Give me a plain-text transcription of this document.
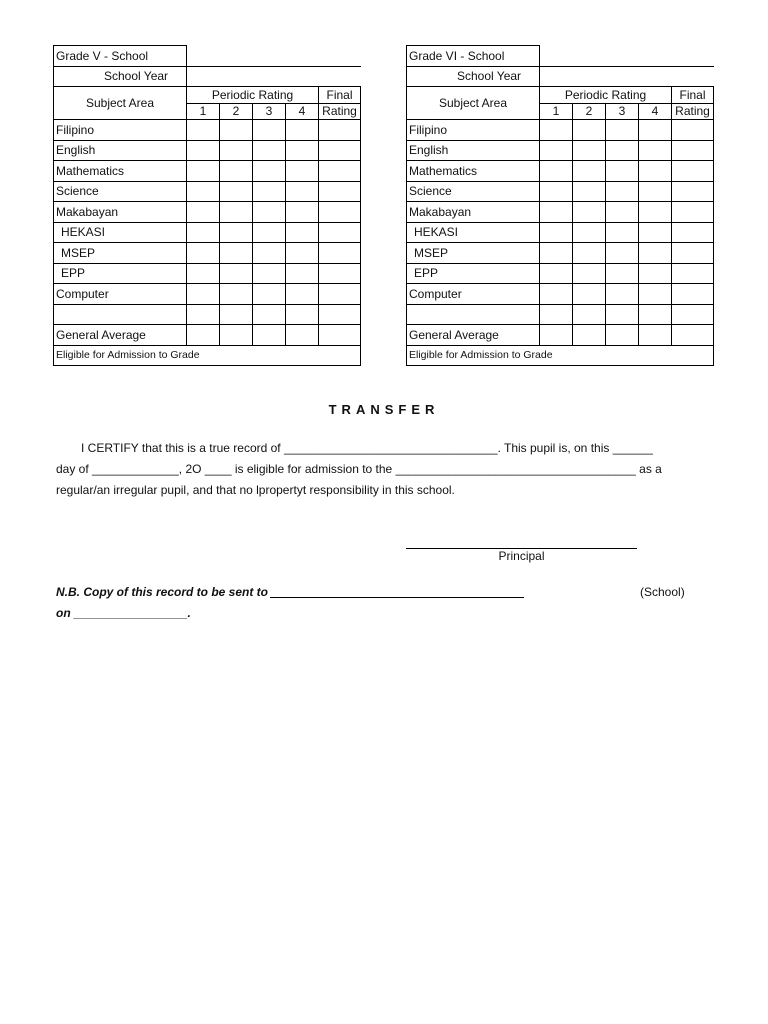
Grade V - School					
School Year					
Subject Area	Periodic Rating				Final
	1	2	3	4	Rating
Filipino					
English					
Mathematics					
Science					
Makabayan					
HEKASI					
MSEP					
EPP					
Computer					

General Average					
Eligible for Admission to Grade					
Grade VI - School					
School Year					
Subject Area	Periodic Rating				Final
	1	2	3	4	Rating
Filipino					
English					
Mathematics					
Science					
Makabayan					
HEKASI					
MSEP					
EPP					
Computer					

General Average					
Eligible for Admission to Grade					
TRANSFER
I CERTIFY that this is a true record of ________________________________. This pupil is, on this ______
day of _____________, 2O ____ is eligible for admission to the ____________________________________ as a
regular/an irregular pupil, and that no lpropertyt responsibility in this school.
Principal
N.B. Copy of this record to be sent to	(School)
on _________________.
